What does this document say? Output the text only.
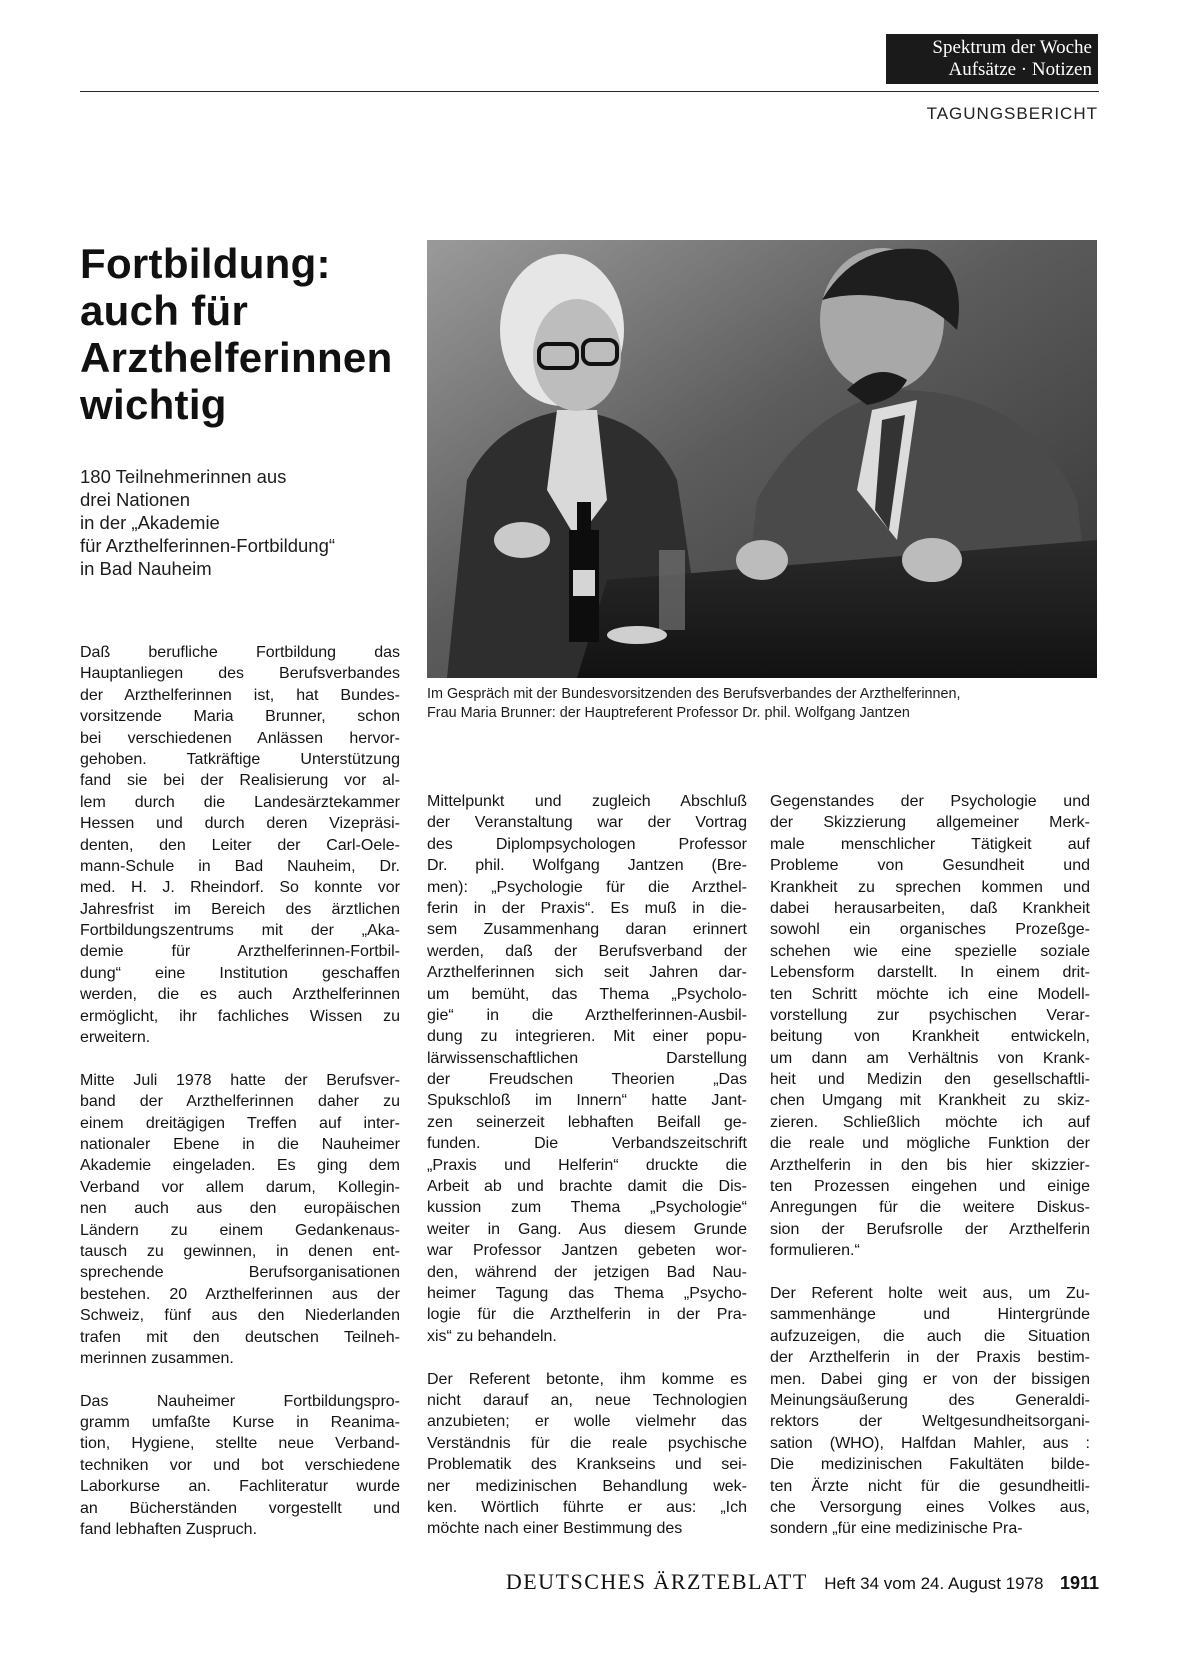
Spektrum der Woche
Aufsätze · Notizen
TAGUNGSBERICHT
Fortbildung:
auch für
Arzthelferinnen
wichtig
180 Teilnehmerinnen aus
drei Nationen
in der „Akademie
für Arzthelferinnen-Fortbildung“
in Bad Nauheim
Im Gespräch mit der Bundesvorsitzenden des Berufsverbandes der Arzthelferinnen,
Frau Maria Brunner: der Hauptreferent Professor Dr. phil. Wolfgang Jantzen
Daß berufliche Fortbildung das
Hauptanliegen des Berufsverbandes
der Arzthelferinnen ist, hat Bundes-
vorsitzende Maria Brunner, schon
bei verschiedenen Anlässen hervor-
gehoben. Tatkräftige Unterstützung
fand sie bei der Realisierung vor al-
lem durch die Landesärztekammer
Hessen und durch deren Vizepräsi-
denten, den Leiter der Carl-Oele-
mann-Schule in Bad Nauheim, Dr.
med. H. J. Rheindorf. So konnte vor
Jahresfrist im Bereich des ärztlichen
Fortbildungszentrums mit der „Aka-
demie für Arzthelferinnen-Fortbil-
dung“ eine Institution geschaffen
werden, die es auch Arzthelferinnen
ermöglicht, ihr fachliches Wissen zu
erweitern.
Mitte Juli 1978 hatte der Berufsver-
band der Arzthelferinnen daher zu
einem dreitägigen Treffen auf inter-
nationaler Ebene in die Nauheimer
Akademie eingeladen. Es ging dem
Verband vor allem darum, Kollegin-
nen auch aus den europäischen
Ländern zu einem Gedankenaus-
tausch zu gewinnen, in denen ent-
sprechende Berufsorganisationen
bestehen. 20 Arzthelferinnen aus der
Schweiz, fünf aus den Niederlanden
trafen mit den deutschen Teilneh-
merinnen zusammen.
Das Nauheimer Fortbildungspro-
gramm umfaßte Kurse in Reanima-
tion, Hygiene, stellte neue Verband-
techniken vor und bot verschiedene
Laborkurse an. Fachliteratur wurde
an Bücherständen vorgestellt und
fand lebhaften Zuspruch.
Mittelpunkt und zugleich Abschluß
der Veranstaltung war der Vortrag
des Diplompsychologen Professor
Dr. phil. Wolfgang Jantzen (Bre-
men): „Psychologie für die Arzthel-
ferin in der Praxis“. Es muß in die-
sem Zusammenhang daran erinnert
werden, daß der Berufsverband der
Arzthelferinnen sich seit Jahren dar-
um bemüht, das Thema „Psycholo-
gie“ in die Arzthelferinnen-Ausbil-
dung zu integrieren. Mit einer popu-
lärwissenschaftlichen Darstellung
der Freudschen Theorien „Das
Spukschloß im Innern“ hatte Jant-
zen seinerzeit lebhaften Beifall ge-
funden. Die Verbandszeitschrift
„Praxis und Helferin“ druckte die
Arbeit ab und brachte damit die Dis-
kussion zum Thema „Psychologie“
weiter in Gang. Aus diesem Grunde
war Professor Jantzen gebeten wor-
den, während der jetzigen Bad Nau-
heimer Tagung das Thema „Psycho-
logie für die Arzthelferin in der Pra-
xis“ zu behandeln.
Der Referent betonte, ihm komme es
nicht darauf an, neue Technologien
anzubieten; er wolle vielmehr das
Verständnis für die reale psychische
Problematik des Krankseins und sei-
ner medizinischen Behandlung wek-
ken. Wörtlich führte er aus: „Ich
möchte nach einer Bestimmung des
Gegenstandes der Psychologie und
der Skizzierung allgemeiner Merk-
male menschlicher Tätigkeit auf
Probleme von Gesundheit und
Krankheit zu sprechen kommen und
dabei herausarbeiten, daß Krankheit
sowohl ein organisches Prozeßge-
schehen wie eine spezielle soziale
Lebensform darstellt. In einem drit-
ten Schritt möchte ich eine Modell-
vorstellung zur psychischen Verar-
beitung von Krankheit entwickeln,
um dann am Verhältnis von Krank-
heit und Medizin den gesellschaftli-
chen Umgang mit Krankheit zu skiz-
zieren. Schließlich möchte ich auf
die reale und mögliche Funktion der
Arzthelferin in den bis hier skizzier-
ten Prozessen eingehen und einige
Anregungen für die weitere Diskus-
sion der Berufsrolle der Arzthelferin
formulieren.“
Der Referent holte weit aus, um Zu-
sammenhänge und Hintergründe
aufzuzeigen, die auch die Situation
der Arzthelferin in der Praxis bestim-
men. Dabei ging er von der bissigen
Meinungsäußerung des Generaldi-
rektors der Weltgesundheitsorgani-
sation (WHO), Halfdan Mahler, aus :
Die medizinischen Fakultäten bilde-
ten Ärzte nicht für die gesundheitli-
che Versorgung eines Volkes aus,
sondern „für eine medizinische Pra-
DEUTSCHES ÄRZTEBLATT Heft 34 vom 24. August 1978 1911
